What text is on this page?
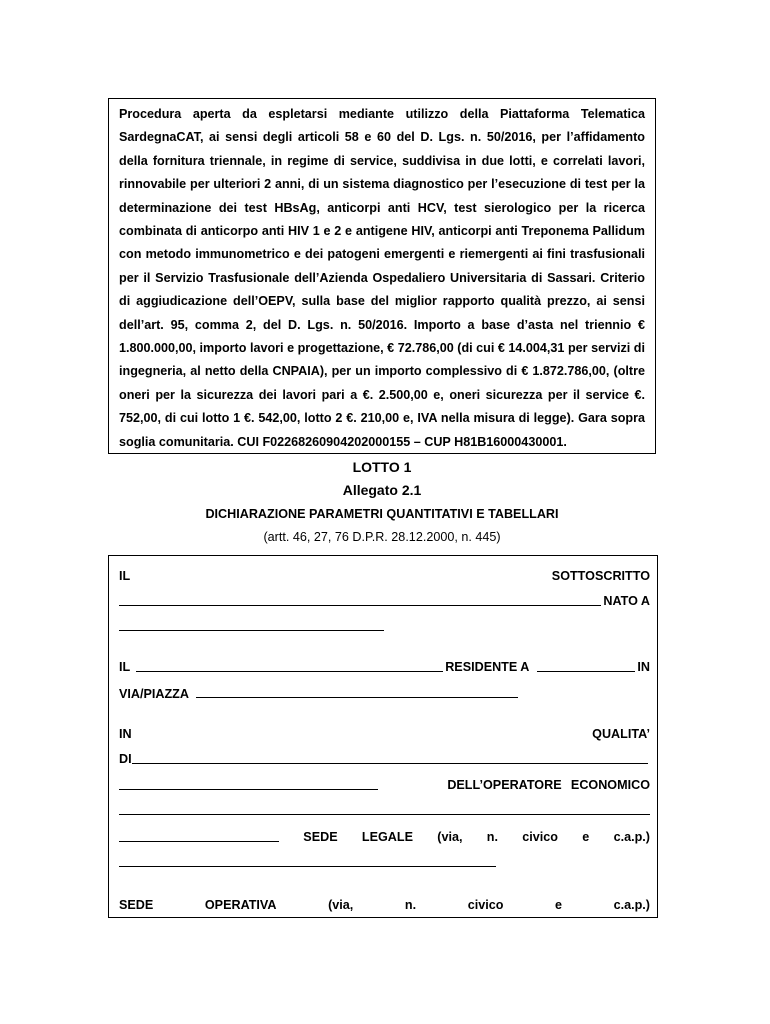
Procedura aperta da espletarsi mediante utilizzo della Piattaforma Telematica SardegnaCAT, ai sensi degli articoli 58 e 60 del D. Lgs. n. 50/2016, per l’affidamento della fornitura triennale, in regime di service, suddivisa in due lotti, e correlati lavori, rinnovabile per ulteriori 2 anni, di un sistema diagnostico per l’esecuzione di test per la determinazione dei test HBsAg, anticorpi anti HCV, test sierologico per la ricerca combinata di anticorpo anti HIV 1 e 2 e antigene HIV, anticorpi anti Treponema Pallidum con metodo immunometrico e dei patogeni emergenti e riemergenti ai fini trasfusionali per il Servizio Trasfusionale dell’Azienda Ospedaliero Universitaria di Sassari. Criterio di aggiudicazione dell’OEPV, sulla base del miglior rapporto qualità prezzo, ai sensi dell’art. 95, comma 2, del D. Lgs. n. 50/2016. Importo a base d’asta nel triennio € 1.800.000,00, importo lavori e progettazione, € 72.786,00 (di cui € 14.004,31 per servizi di ingegneria, al netto della CNPAIA), per un importo complessivo di € 1.872.786,00, (oltre oneri per la sicurezza dei lavori pari a €. 2.500,00 e, oneri sicurezza per il service €. 752,00, di cui lotto 1 €. 542,00, lotto 2 €. 210,00 e, IVA nella misura di legge). Gara sopra soglia comunitaria. CUI F02268260904202000155 – CUP H81B16000430001.

LOTTO 1

Allegato 2.1

DICHIARAZIONE PARAMETRI QUANTITATIVI E TABELLARI

(artt. 46, 27, 76 D.P.R. 28.12.2000, n. 445)

IL	SOTTOSCRITTO
NATO A
IL	RESIDENTE A	IN
VIA/PIAZZA
IN	QUALITA’
DI
DELL’OPERATORE ECONOMICO
SEDE LEGALE (via, n. civico e c.a.p.)
SEDE	OPERATIVA	(via,	n.	civico	e	c.a.p.)
